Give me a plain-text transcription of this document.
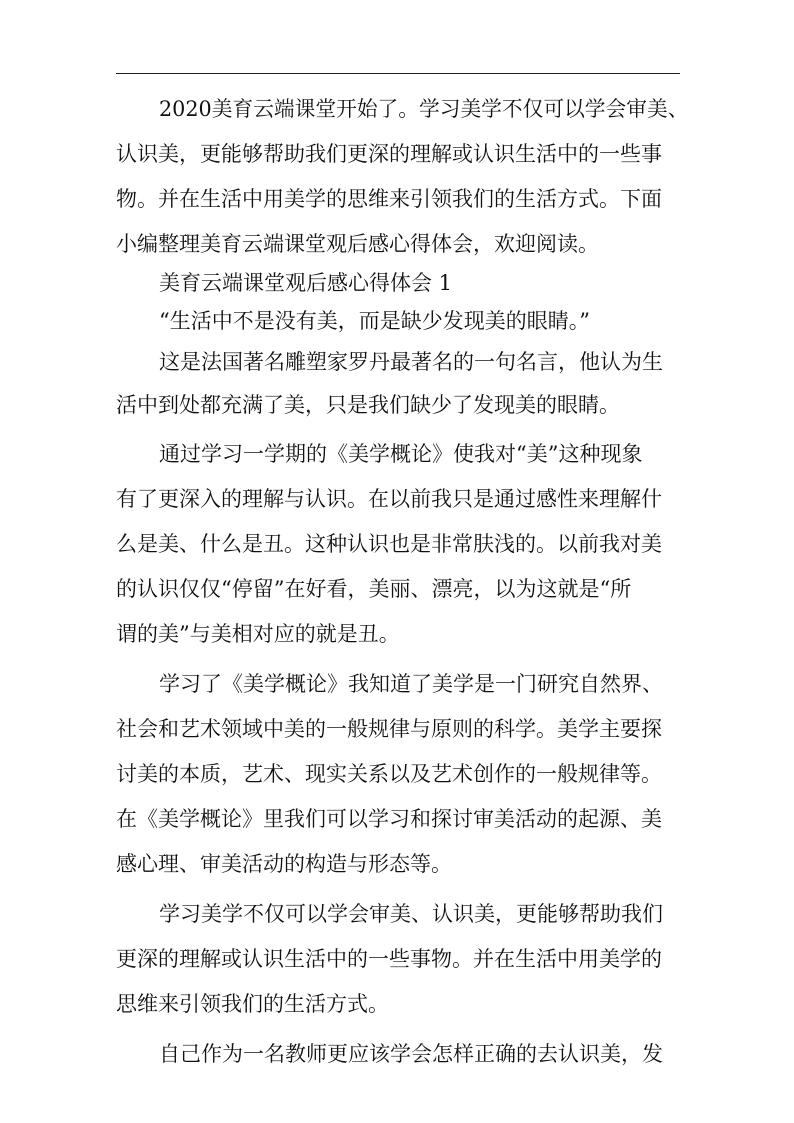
2020美育云端课堂开始了。学习美学不仅可以学会审美、
认识美，更能够帮助我们更深的理解或认识生活中的一些事
物。并在生活中用美学的思维来引领我们的生活方式。下面
小编整理美育云端课堂观后感心得体会，欢迎阅读。
美育云端课堂观后感心得体会 1
“生活中不是没有美，而是缺少发现美的眼睛。”
这是法国著名雕塑家罗丹最著名的一句名言，他认为生
活中到处都充满了美，只是我们缺少了发现美的眼睛。
通过学习一学期的《美学概论》使我对“美”这种现象
有了更深入的理解与认识。在以前我只是通过感性来理解什
么是美、什么是丑。这种认识也是非常肤浅的。以前我对美
的认识仅仅“停留”在好看，美丽、漂亮，以为这就是“所
谓的美”与美相对应的就是丑。
学习了《美学概论》我知道了美学是一门研究自然界、
社会和艺术领域中美的一般规律与原则的科学。美学主要探
讨美的本质，艺术、现实关系以及艺术创作的一般规律等。
在《美学概论》里我们可以学习和探讨审美活动的起源、美
感心理、审美活动的构造与形态等。
学习美学不仅可以学会审美、认识美，更能够帮助我们
更深的理解或认识生活中的一些事物。并在生活中用美学的
思维来引领我们的生活方式。
自己作为一名教师更应该学会怎样正确的去认识美，发
